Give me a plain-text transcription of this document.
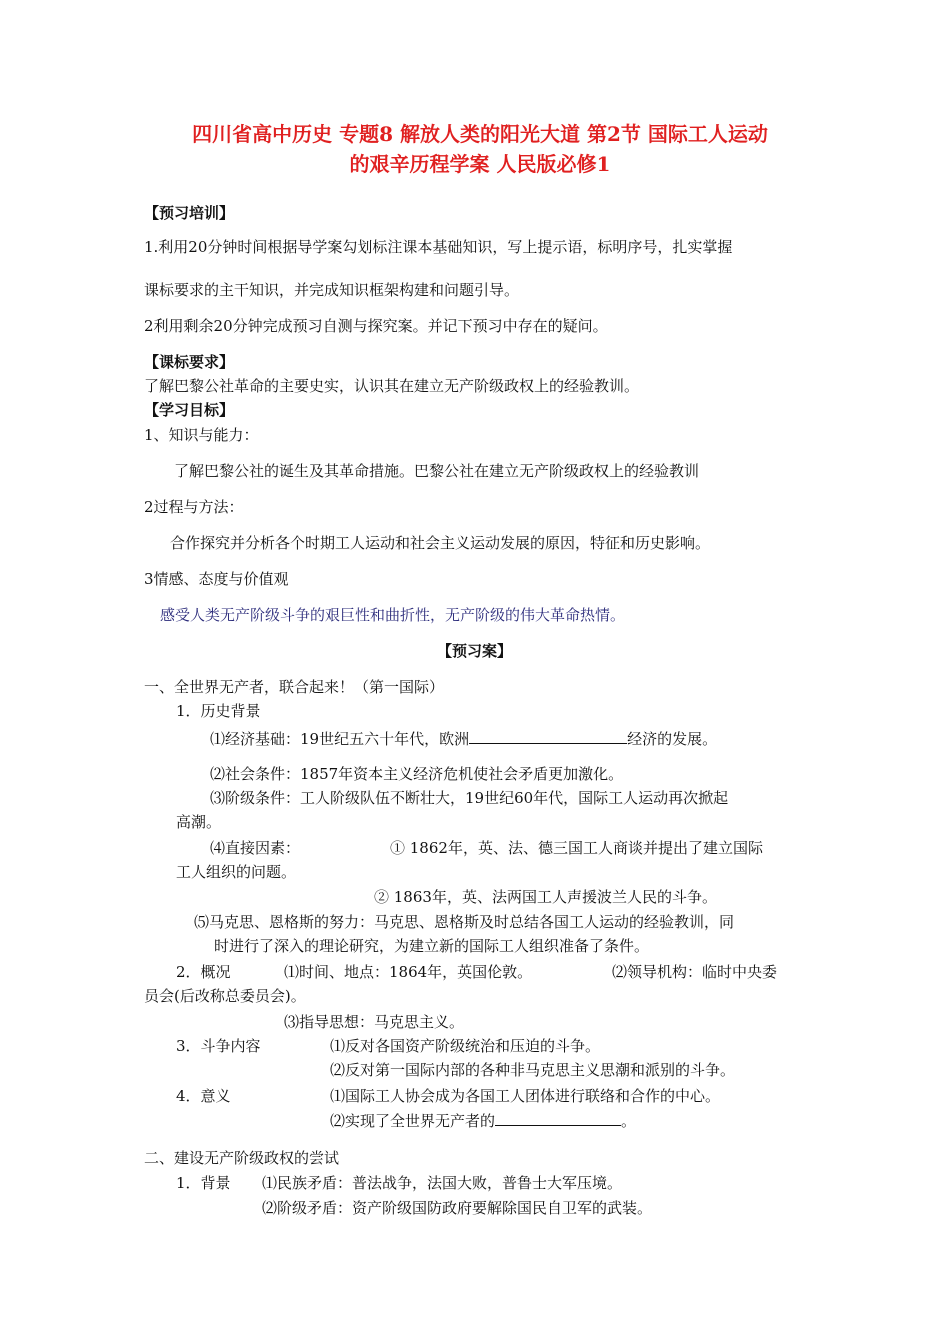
四川省高中历史 专题8 解放人类的阳光大道 第2节 国际工人运动
的艰辛历程学案 人民版必修1
【预习培训】
1.利用20分钟时间根据导学案勾划标注课本基础知识，写上提示语，标明序号，扎实掌握
课标要求的主干知识，并完成知识框架构建和问题引导。
2利用剩余20分钟完成预习自测与探究案。并记下预习中存在的疑问。
【课标要求】
了解巴黎公社革命的主要史实，认识其在建立无产阶级政权上的经验教训。
【学习目标】
1、知识与能力：
了解巴黎公社的诞生及其革命措施。巴黎公社在建立无产阶级政权上的经验教训
2过程与方法：
合作探究并分析各个时期工人运动和社会主义运动发展的原因，特征和历史影响。
3情感、态度与价值观
感受人类无产阶级斗争的艰巨性和曲折性，无产阶级的伟大革命热情。
【预习案】
一、全世界无产者，联合起来！（第一国际）
1．历史背景
⑴经济基础：19世纪五六十年代，欧洲	经济的发展。
⑵社会条件：1857年资本主义经济危机使社会矛盾更加激化。
⑶阶级条件：工人阶级队伍不断壮大，19世纪60年代，国际工人运动再次掀起
高潮。
⑷直接因素：	① 1862年，英、法、德三国工人商谈并提出了建立国际
工人组织的问题。
② 1863年，英、法两国工人声援波兰人民的斗争。
⑸马克思、恩格斯的努力：马克思、恩格斯及时总结各国工人运动的经验教训，同
时进行了深入的理论研究，为建立新的国际工人组织准备了条件。
2．概况	⑴时间、地点：1864年，英国伦敦。	⑵领导机构：临时中央委
员会(后改称总委员会)。
⑶指导思想：马克思主义。
3．斗争内容	⑴反对各国资产阶级统治和压迫的斗争。
⑵反对第一国际内部的各种非马克思主义思潮和派别的斗争。
4．意义	⑴国际工人协会成为各国工人团体进行联络和合作的中心。
⑵实现了全世界无产者的	。
二、建设无产阶级政权的尝试
1．背景 ⑴民族矛盾：普法战争，法国大败，普鲁士大军压境。
⑵阶级矛盾：资产阶级国防政府要解除国民自卫军的武装。
